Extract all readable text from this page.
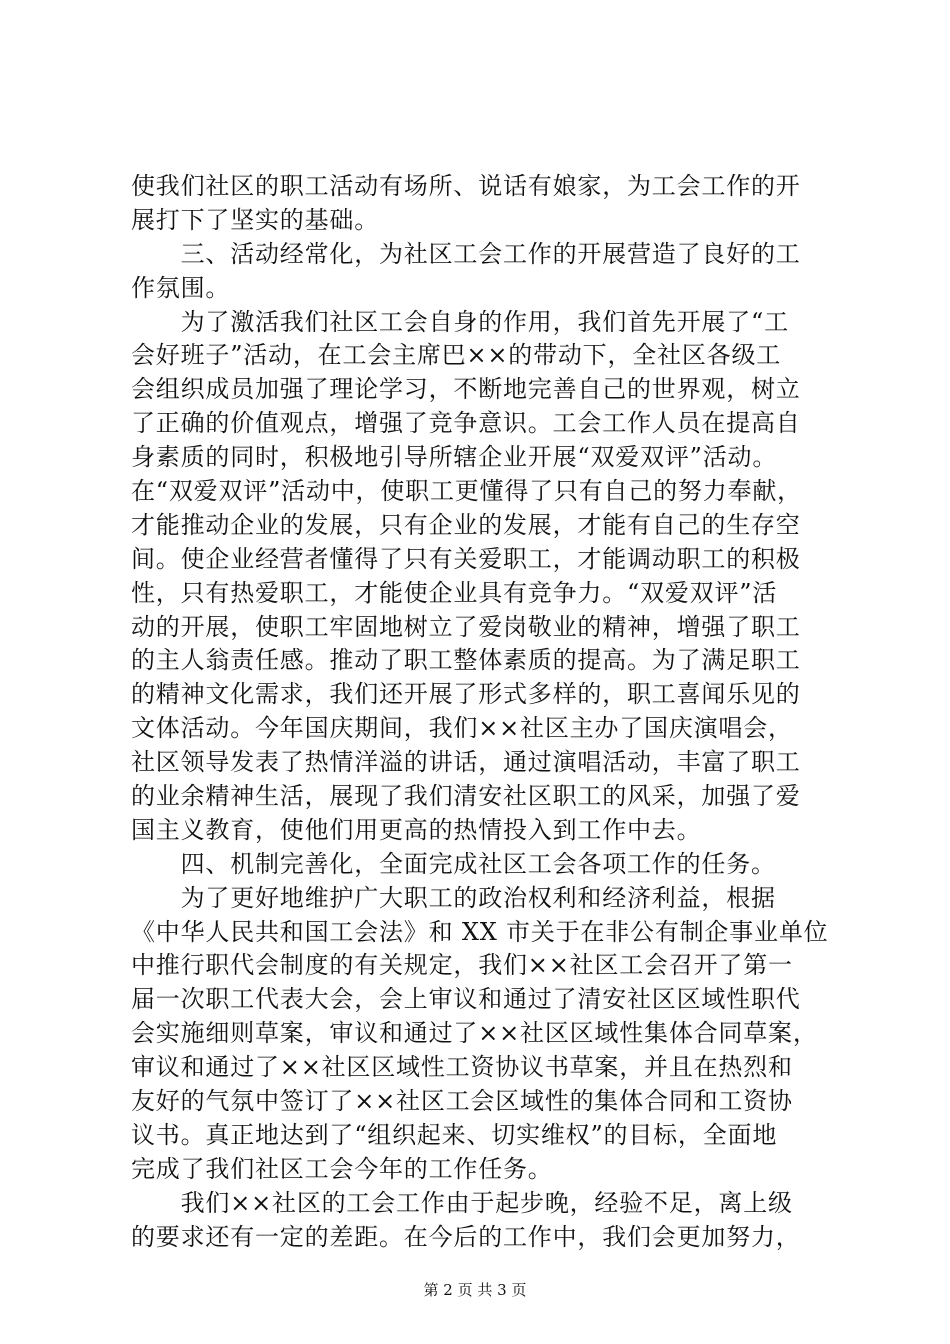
使我们社区的职工活动有场所、说话有娘家，为工会工作的开
展打下了坚实的基础。
　　三、活动经常化，为社区工会工作的开展营造了良好的工
作氛围。
　　为了激活我们社区工会自身的作用，我们首先开展了“工
会好班子”活动，在工会主席巴××的带动下，全社区各级工
会组织成员加强了理论学习，不断地完善自己的世界观，树立
了正确的价值观点，增强了竞争意识。工会工作人员在提高自
身素质的同时，积极地引导所辖企业开展“双爱双评”活动。
在“双爱双评”活动中，使职工更懂得了只有自己的努力奉献，
才能推动企业的发展，只有企业的发展，才能有自己的生存空
间。使企业经营者懂得了只有关爱职工，才能调动职工的积极
性，只有热爱职工，才能使企业具有竞争力。“双爱双评”活
动的开展，使职工牢固地树立了爱岗敬业的精神，增强了职工
的主人翁责任感。推动了职工整体素质的提高。为了满足职工
的精神文化需求，我们还开展了形式多样的，职工喜闻乐见的
文体活动。今年国庆期间，我们××社区主办了国庆演唱会，
社区领导发表了热情洋溢的讲话，通过演唱活动，丰富了职工
的业余精神生活，展现了我们清安社区职工的风采，加强了爱
国主义教育，使他们用更高的热情投入到工作中去。
　　四、机制完善化，全面完成社区工会各项工作的任务。
　　为了更好地维护广大职工的政治权利和经济利益，根据
《中华人民共和国工会法》和 XX 市关于在非公有制企事业单位
中推行职代会制度的有关规定，我们××社区工会召开了第一
届一次职工代表大会，会上审议和通过了清安社区区域性职代
会实施细则草案，审议和通过了××社区区域性集体合同草案，
审议和通过了××社区区域性工资协议书草案，并且在热烈和
友好的气氛中签订了××社区工会区域性的集体合同和工资协
议书。真正地达到了“组织起来、切实维权”的目标，全面地
完成了我们社区工会今年的工作任务。
　　我们××社区的工会工作由于起步晚，经验不足，离上级
的要求还有一定的差距。在今后的工作中，我们会更加努力，
第 2 页 共 3 页
